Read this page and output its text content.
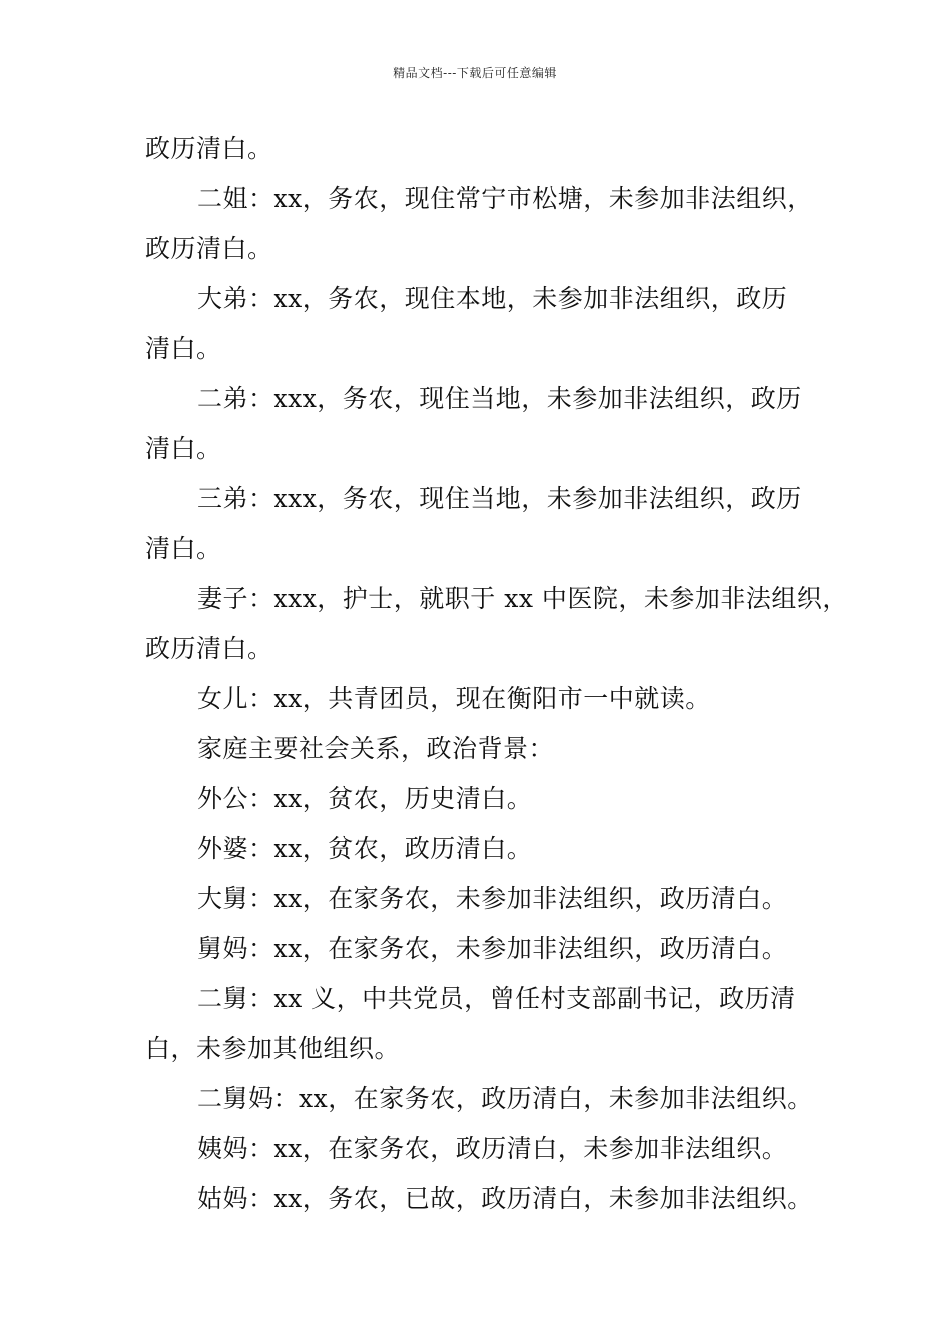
精品文档---下载后可任意编辑
政历清白。
二姐：xx，务农，现住常宁市松塘，未参加非法组织，
政历清白。
大弟：xx，务农，现住本地，未参加非法组织，政历
清白。
二弟：xxx，务农，现住当地，未参加非法组织，政历
清白。
三弟：xxx，务农，现住当地，未参加非法组织，政历
清白。
妻子：xxx，护士，就职于 xx 中医院，未参加非法组织，
政历清白。
女儿：xx，共青团员，现在衡阳市一中就读。
家庭主要社会关系，政治背景：
外公：xx，贫农，历史清白。
外婆：xx，贫农，政历清白。
大舅：xx，在家务农，未参加非法组织，政历清白。
舅妈：xx，在家务农，未参加非法组织，政历清白。
二舅：xx 义，中共党员，曾任村支部副书记，政历清
白，未参加其他组织。
二舅妈：xx，在家务农，政历清白，未参加非法组织。
姨妈：xx，在家务农，政历清白，未参加非法组织。
姑妈：xx，务农，已故，政历清白，未参加非法组织。
